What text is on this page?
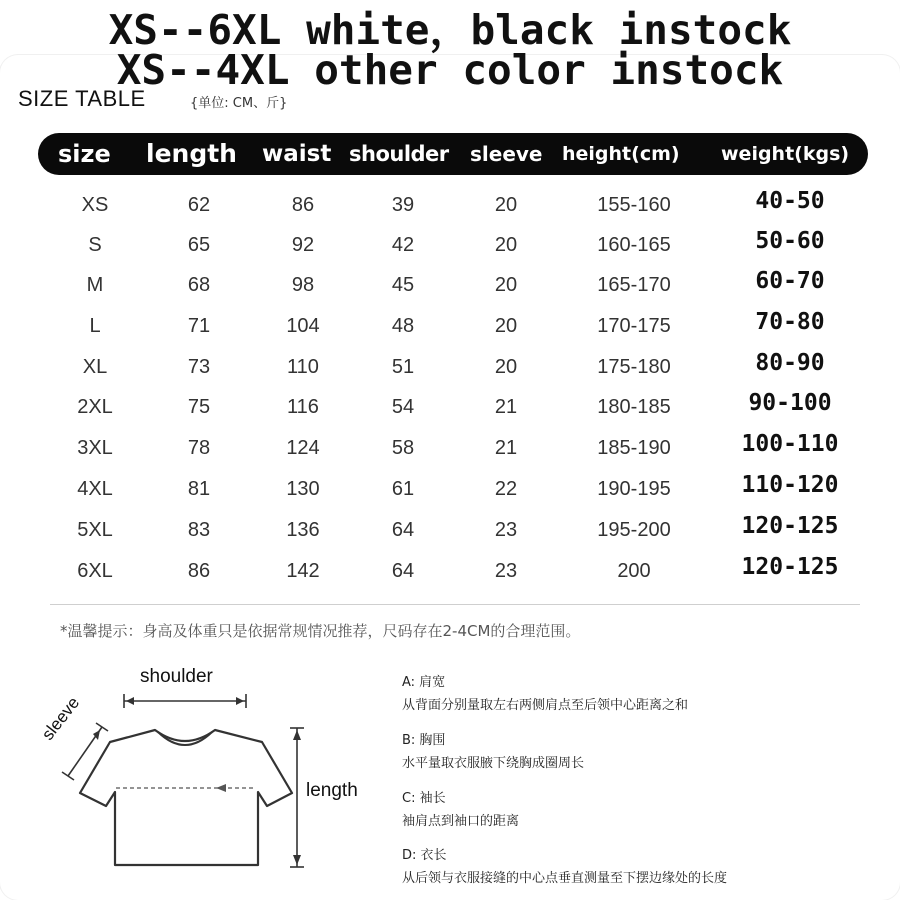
XS--6XL white，black instock
XS--4XL other color instock
SIZE TABLE	{单位: CM、斤}
size length waist shoulder sleeve height(cm) weight(kgs)
XS	62	86	39	20	155-160	40-50
S	65	92	42	20	160-165	50-60
M	68	98	45	20	165-170	60-70
L	71	104	48	20	170-175	70-80
XL	73	110	51	20	175-180	80-90
2XL	75	116	54	21	180-185	90-100
3XL	78	124	58	21	185-190	100-110
4XL	81	130	61	22	190-195	110-120
5XL	83	136	64	23	195-200	120-125
6XL	86	142	64	23	200	120-125
*温馨提示：身高及体重只是依据常规情况推荐，尺码存在2-4CM的合理范围。
shoulder
sleeve
length
A: 肩宽
从背面分别量取左右两侧肩点至后领中心距离之和
B: 胸围
水平量取衣服腋下绕胸成圈周长
C: 袖长
袖肩点到袖口的距离
D: 衣长
从后领与衣服接缝的中心点垂直测量至下摆边缘处的长度
